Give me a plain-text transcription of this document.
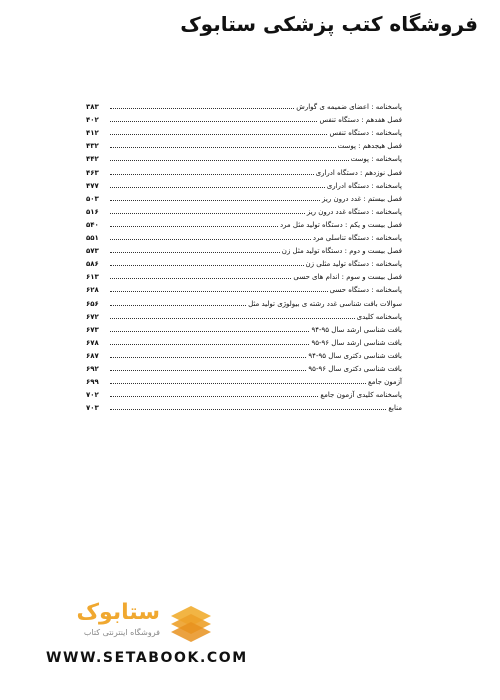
فروشگاه کتب پزشکی ستابوک
پاسخنامه : اعضای ضمیمه ی گوارش
۳۸۳
فصل هفدهم : دستگاه تنفس
۴۰۲
پاسخنامه : دستگاه تنفس
۴۱۲
فصل هیجدهم : پوست
۴۳۲
پاسخنامه : پوست
۴۴۲
فصل نوزدهم : دستگاه ادراری
۴۶۳
پاسخنامه : دستگاه ادراری
۴۷۷
فصل بیستم : غدد درون ریز
۵۰۳
پاسخنامه : دستگاه غدد درون ریز
۵۱۶
فصل بیست و یکم : دستگاه تولید مثل مرد
۵۴۰
پاسخنامه : دستگاه تناسلی مرد
۵۵۱
فصل بیست و دوم : دستگاه تولید مثل زن
۵۷۳
پاسخنامه : دستگاه تولید مثلی زن
۵۸۶
فصل بیست و سوم : اندام های حسی
۶۱۳
پاسخنامه : دستگاه حسی
۶۲۸
سوالات بافت شناسی غدد رشته ی بیولوژی تولید مثل
۶۵۶
پاسخنامه کلیدی
۶۷۲
بافت شناسی ارشد سال ۹۵-۹۴
۶۷۳
بافت شناسی ارشد سال ۹۶-۹۵
۶۷۸
بافت شناسی دکتری سال ۹۵-۹۴
۶۸۷
بافت شناسی دکتری سال ۹۶-۹۵
۶۹۲
آزمون جامع
۶۹۹
پاسخنامه کلیدی آزمون جامع
۷۰۲
منابع
۷۰۳
ستابوک
فروشگاه اینترنتی کتاب
WWW.SETABOOK.COM
